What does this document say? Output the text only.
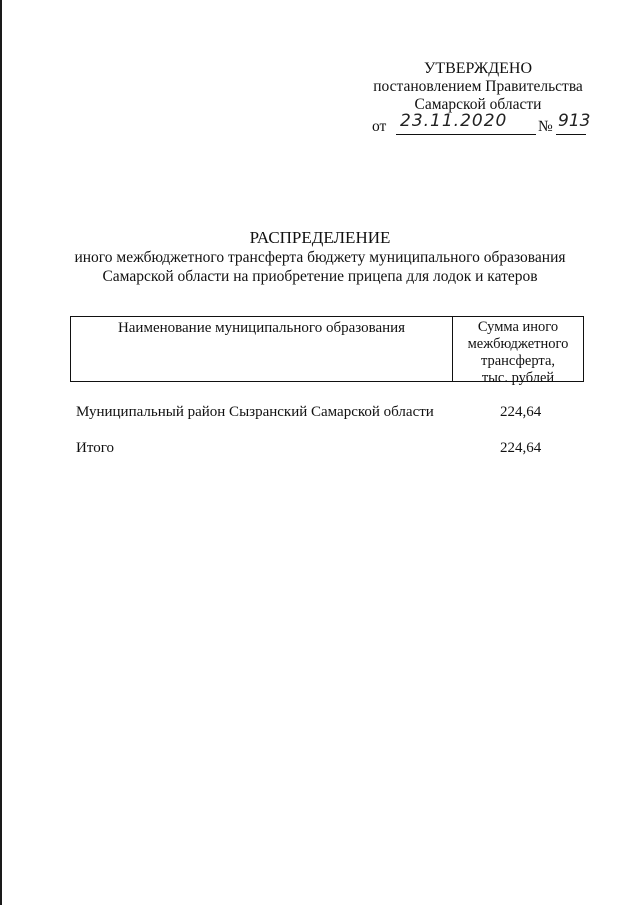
УТВЕРЖДЕНО
постановлением Правительства
Самарской области
от 23.11.2020 № 913
РАСПРЕДЕЛЕНИЕ
иного межбюджетного трансферта бюджету муниципального образования
Самарской области на приобретение прицепа для лодок и катеров
Наименование муниципального образования	Сумма иного
межбюджетного
трансферта,
тыс. рублей
Муниципальный район Сызранский Самарской области	224,64
Итого	224,64
